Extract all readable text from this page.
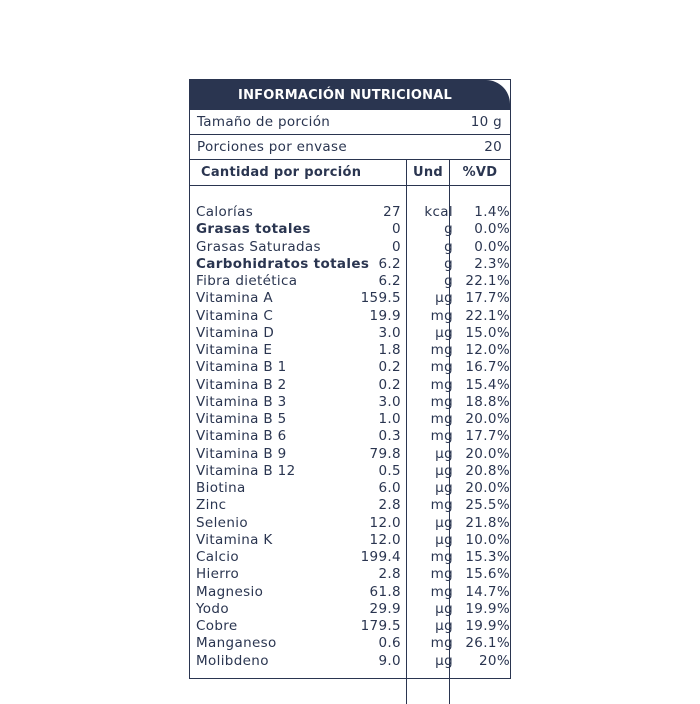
INFORMACIÓN NUTRICIONAL
Tamaño de porción	10 g
Porciones por envase	20
Cantidad por porción	Und	%VD
Calorías	27	kcal	1.4%
Grasas totales	0	g	0.0%
Grasas Saturadas	0	g	0.0%
Carbohidratos totales 6.2	g	2.3%
Fibra dietética	6.2	g 22.1%
Vitamina A	159.5	µg 17.7%
Vitamina C	19.9	mg 22.1%
Vitamina D	3.0	µg 15.0%
Vitamina E	1.8	mg 12.0%
Vitamina B 1	0.2	mg 16.7%
Vitamina B 2	0.2	mg 15.4%
Vitamina B 3	3.0	mg 18.8%
Vitamina B 5	1.0	mg 20.0%
Vitamina B 6	0.3	mg 17.7%
Vitamina B 9	79.8	µg 20.0%
Vitamina B 12	0.5	µg 20.8%
Biotina	6.0	µg 20.0%
Zinc	2.8	mg 25.5%
Selenio	12.0	µg 21.8%
Vitamina K	12.0	µg 10.0%
Calcio	199.4	mg 15.3%
Hierro	2.8	mg 15.6%
Magnesio	61.8	mg 14.7%
Yodo	29.9	µg 19.9%
Cobre	179.5	µg 19.9%
Manganeso	0.6	mg 26.1%
Molibdeno	9.0	µg	20%
